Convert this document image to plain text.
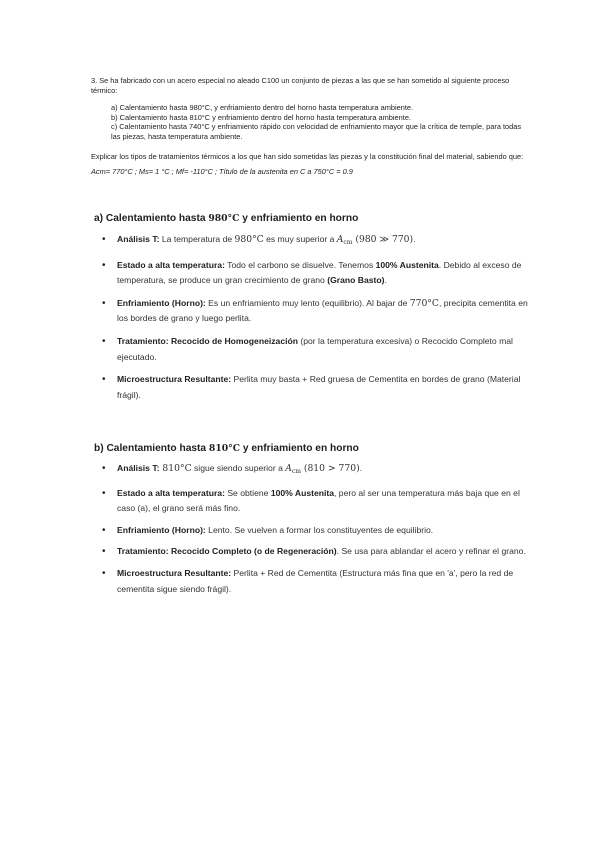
3. Se ha fabricado con un acero especial no aleado C100 un conjunto de piezas a las que se han sometido al siguiente proceso térmico:

a) Calentamiento hasta 980°C, y enfriamiento dentro del horno hasta temperatura ambiente.
b) Calentamiento hasta 810°C y enfriamiento dentro del horno hasta temperatura ambiente.
c) Calentamiento hasta 740°C y enfriamiento rápido con velocidad de enfriamiento mayor que la crítica de temple, para todas las piezas, hasta temperatura ambiente.

Explicar los tipos de tratamientos térmicos a los que han sido sometidas las piezas y la constitución final del material, sabiendo que:

Acm= 770°C ; Ms= 1 °C ; Mf= -110°C ; Título de la austenita en C a 750°C = 0.9

a) Calentamiento hasta 980°C y enfriamiento en horno
• Análisis T: La temperatura de 980°C es muy superior a $A_{cm}$ (980 ≫ 770).
• Estado a alta temperatura: Todo el carbono se disuelve. Tenemos 100% Austenita. Debido al exceso de temperatura, se produce un gran crecimiento de grano (Grano Basto).
• Enfriamiento (Horno): Es un enfriamiento muy lento (equilibrio). Al bajar de 770°C, precipita cementita en los bordes de grano y luego perlita.
• Tratamiento: Recocido de Homogeneización (por la temperatura excesiva) o Recocido Completo mal ejecutado.
• Microestructura Resultante: Perlita muy basta + Red gruesa de Cementita en bordes de grano (Material frágil).
b) Calentamiento hasta 810°C y enfriamiento en horno
• Análisis T: 810°C sigue siendo superior a $A_{cm}$ (810 > 770).
• Estado a alta temperatura: Se obtiene 100% Austenita, pero al ser una temperatura más baja que en el caso (a), el grano será más fino.
• Enfriamiento (Horno): Lento. Se vuelven a formar los constituyentes de equilibrio.
• Tratamiento: Recocido Completo (o de Regeneración). Se usa para ablandar el acero y refinar el grano.
• Microestructura Resultante: Perlita + Red de Cementita (Estructura más fina que en 'a', pero la red de cementita sigue siendo frágil).
